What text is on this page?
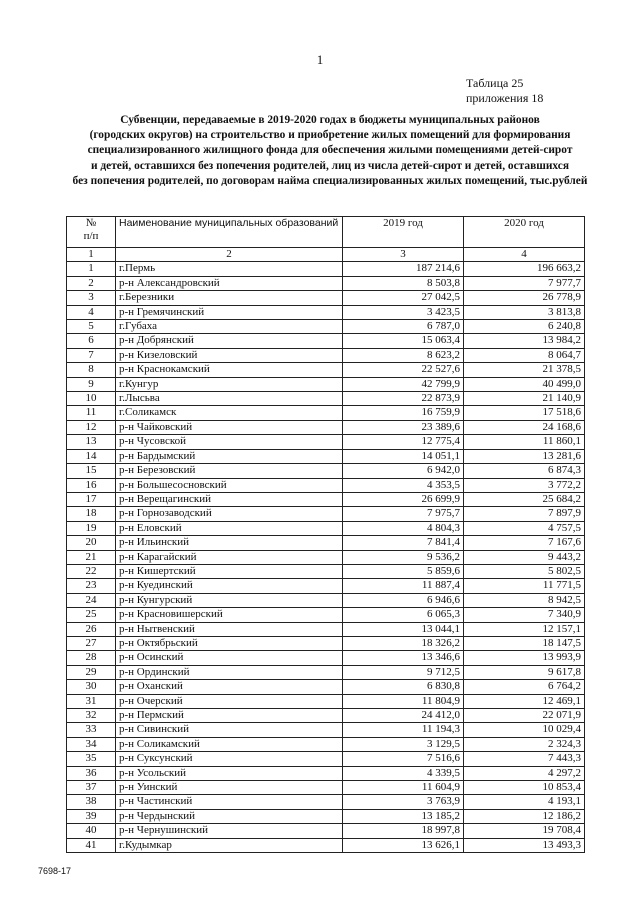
1
Таблица 25
приложения 18
Субвенции, передаваемые в 2019-2020 годах в бюджеты муниципальных районов
(городских округов) на строительство и приобретение жилых помещений для формирования
специализированного жилищного фонда для обеспечения жилыми помещениями детей-сирот
и детей, оставшихся без попечения родителей, лиц из числа детей-сирот и детей, оставшихся
без попечения родителей, по договорам найма специализированных жилых помещений, тыс.рублей
№
п/п	Наименование муниципальных образований	2019 год	2020 год
1	2	3	4
1	г.Пермь	187 214,6	196 663,2
2	р-н Александровский	8 503,8	7 977,7
3	г.Березники	27 042,5	26 778,9
4	р-н Гремячинский	3 423,5	3 813,8
5	г.Губаха	6 787,0	6 240,8
6	р-н Добрянский	15 063,4	13 984,2
7	р-н Кизеловский	8 623,2	8 064,7
8	р-н Краснокамский	22 527,6	21 378,5
9	г.Кунгур	42 799,9	40 499,0
10	г.Лысьва	22 873,9	21 140,9
11	г.Соликамск	16 759,9	17 518,6
12	р-н Чайковский	23 389,6	24 168,6
13	р-н Чусовской	12 775,4	11 860,1
14	р-н Бардымский	14 051,1	13 281,6
15	р-н Березовский	6 942,0	6 874,3
16	р-н Большесосновский	4 353,5	3 772,2
17	р-н Верещагинский	26 699,9	25 684,2
18	р-н Горнозаводский	7 975,7	7 897,9
19	р-н Еловский	4 804,3	4 757,5
20	р-н Ильинский	7 841,4	7 167,6
21	р-н Карагайский	9 536,2	9 443,2
22	р-н Кишертский	5 859,6	5 802,5
23	р-н Куединский	11 887,4	11 771,5
24	р-н Кунгурский	6 946,6	8 942,5
25	р-н Красновишерский	6 065,3	7 340,9
26	р-н Нытвенский	13 044,1	12 157,1
27	р-н Октябрьский	18 326,2	18 147,5
28	р-н Осинский	13 346,6	13 993,9
29	р-н Ординский	9 712,5	9 617,8
30	р-н Оханский	6 830,8	6 764,2
31	р-н Очерский	11 804,9	12 469,1
32	р-н Пермский	24 412,0	22 071,9
33	р-н Сивинский	11 194,3	10 029,4
34	р-н Соликамский	3 129,5	2 324,3
35	р-н Суксунский	7 516,6	7 443,3
36	р-н Усольский	4 339,5	4 297,2
37	р-н Уинский	11 604,9	10 853,4
38	р-н Частинский	3 763,9	4 193,1
39	р-н Чердынский	13 185,2	12 186,2
40	р-н Чернушинский	18 997,8	19 708,4
41	г.Кудымкар	13 626,1	13 493,3
7698-17
